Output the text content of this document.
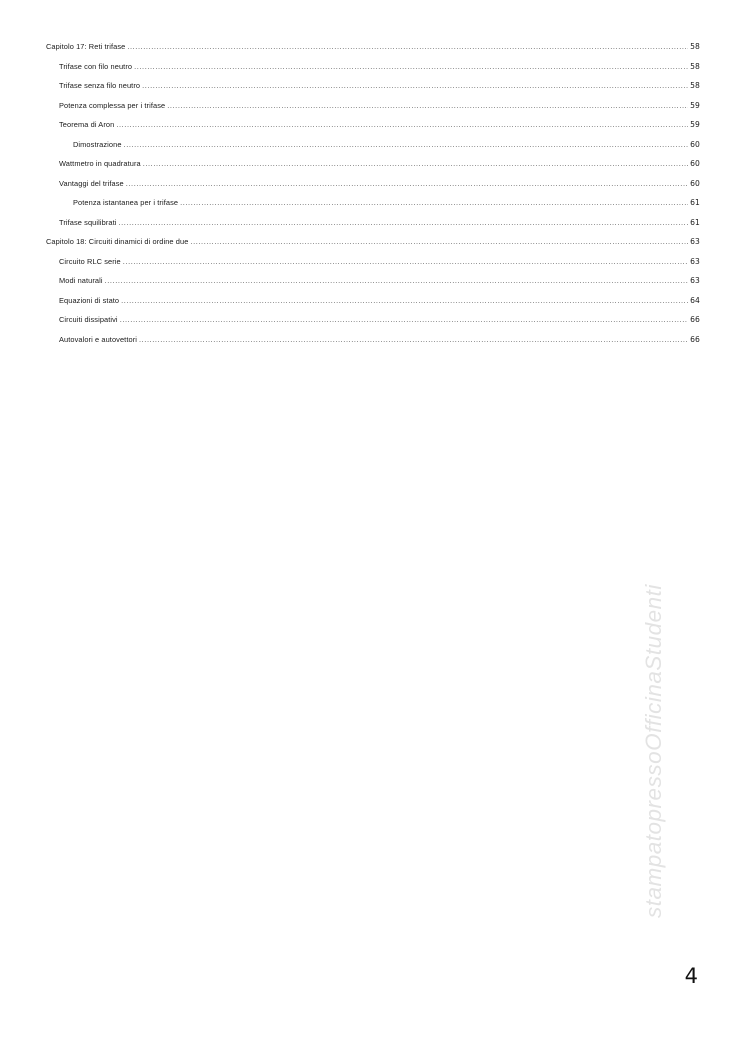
Capitolo 17: Reti trifase .....	58
Trifase con filo neutro .....	58
Trifase senza filo neutro .....	58
Potenza complessa per i trifase .....	59
Teorema di Aron .....	59
Dimostrazione .....	60
Wattmetro in quadratura .....	60
Vantaggi del trifase .....	60
Potenza istantanea per i trifase .....	61
Trifase squilibrati .....	61
Capitolo 18: Circuiti dinamici di ordine due .....	63
Circuito RLC serie .....	63
Modi naturali .....	63
Equazioni di stato .....	64
Circuiti dissipativi .....	66
Autovalori e autovettori .....	66
stampatopressoOfficinaStudenti
4
